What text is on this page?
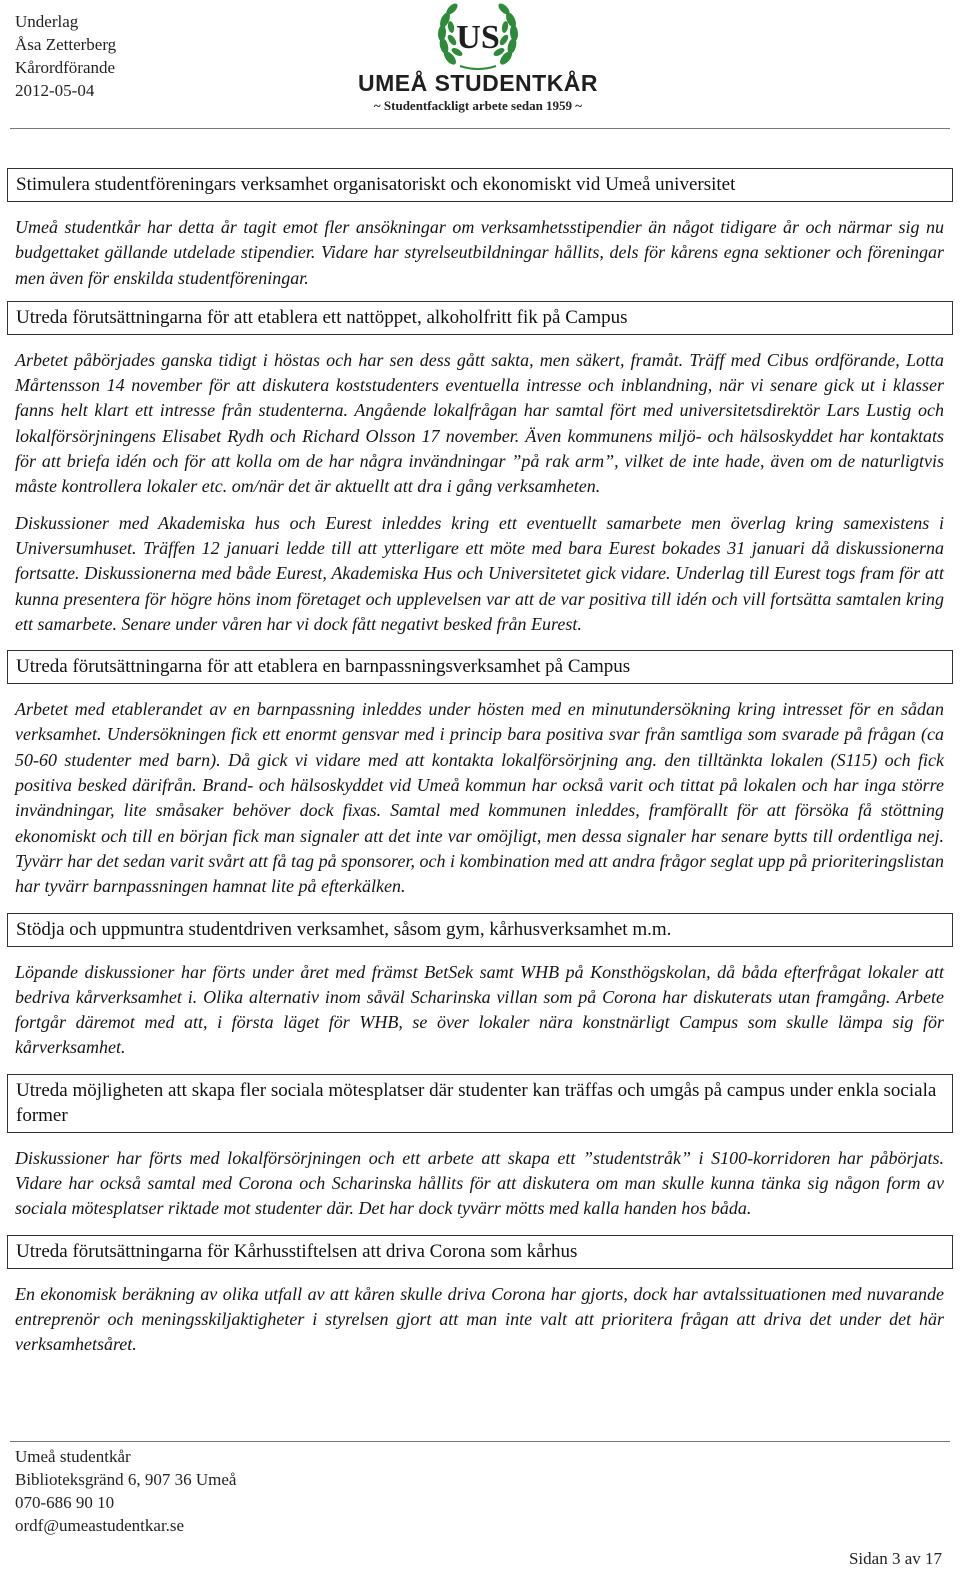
Underlag
Åsa Zetterberg
Kårordförande
2012-05-04
US
UMEÅ STUDENTKÅR
~ Studentfackligt arbete sedan 1959 ~
Stimulera studentföreningars verksamhet organisatoriskt och ekonomiskt vid Umeå universitet

Umeå studentkår har detta år tagit emot fler ansökningar om verksamhetsstipendier än något tidigare år och närmar sig nu budgettaket gällande utdelade stipendier. Vidare har styrelseutbildningar hållits, dels för kårens egna sektioner och föreningar men även för enskilda studentföreningar.

Utreda förutsättningarna för att etablera ett nattöppet, alkoholfritt fik på Campus

Arbetet påbörjades ganska tidigt i höstas och har sen dess gått sakta, men säkert, framåt. Träff med Cibus ordförande, Lotta Mårtensson 14 november för att diskutera koststudenters eventuella intresse och inblandning, när vi senare gick ut i klasser fanns helt klart ett intresse från studenterna. Angående lokalfrågan har samtal fört med universitetsdirektör Lars Lustig och lokalförsörjningens Elisabet Rydh och Richard Olsson 17 november. Även kommunens miljö- och hälsoskyddet har kontaktats för att briefa idén och för att kolla om de har några invändningar ”på rak arm”, vilket de inte hade, även om de naturligtvis måste kontrollera lokaler etc. om/när det är aktuellt att dra i gång verksamheten.

Diskussioner med Akademiska hus och Eurest inleddes kring ett eventuellt samarbete men överlag kring samexistens i Universumhuset. Träffen 12 januari ledde till att ytterligare ett möte med bara Eurest bokades 31 januari då diskussionerna fortsatte. Diskussionerna med både Eurest, Akademiska Hus och Universitetet gick vidare. Underlag till Eurest togs fram för att kunna presentera för högre höns inom företaget och upplevelsen var att de var positiva till idén och vill fortsätta samtalen kring ett samarbete. Senare under våren har vi dock fått negativt besked från Eurest.

Utreda förutsättningarna för att etablera en barnpassningsverksamhet på Campus

Arbetet med etablerandet av en barnpassning inleddes under hösten med en minutundersökning kring intresset för en sådan verksamhet. Undersökningen fick ett enormt gensvar med i princip bara positiva svar från samtliga som svarade på frågan (ca 50-60 studenter med barn). Då gick vi vidare med att kontakta lokalförsörjning ang. den tilltänkta lokalen (S115) och fick positiva besked därifrån. Brand- och hälsoskyddet vid Umeå kommun har också varit och tittat på lokalen och har inga större invändningar, lite småsaker behöver dock fixas. Samtal med kommunen inleddes, framförallt för att försöka få stöttning ekonomiskt och till en början fick man signaler att det inte var omöjligt, men dessa signaler har senare bytts till ordentliga nej. Tyvärr har det sedan varit svårt att få tag på sponsorer, och i kombination med att andra frågor seglat upp på prioriteringslistan har tyvärr barnpassningen hamnat lite på efterkälken.

Stödja och uppmuntra studentdriven verksamhet, såsom gym, kårhusverksamhet m.m.

Löpande diskussioner har förts under året med främst BetSek samt WHB på Konsthögskolan, då båda efterfrågat lokaler att bedriva kårverksamhet i. Olika alternativ inom såväl Scharinska villan som på Corona har diskuterats utan framgång. Arbete fortgår däremot med att, i första läget för WHB, se över lokaler nära konstnärligt Campus som skulle lämpa sig för kårverksamhet.

Utreda möjligheten att skapa fler sociala mötesplatser där studenter kan träffas och umgås på campus under enkla sociala former

Diskussioner har förts med lokalförsörjningen och ett arbete att skapa ett ”studentstråk” i S100-korridoren har påbörjats. Vidare har också samtal med Corona och Scharinska hållits för att diskutera om man skulle kunna tänka sig någon form av sociala mötesplatser riktade mot studenter där. Det har dock tyvärr mötts med kalla handen hos båda.

Utreda förutsättningarna för Kårhusstiftelsen att driva Corona som kårhus

En ekonomisk beräkning av olika utfall av att kåren skulle driva Corona har gjorts, dock har avtalssituationen med nuvarande entreprenör och meningsskiljaktigheter i styrelsen gjort att man inte valt att prioritera frågan att driva det under det här verksamhetsåret.

Umeå studentkår
Biblioteksgränd 6, 907 36 Umeå
070-686 90 10
ordf@umeastudentkar.se
Sidan 3 av 17
